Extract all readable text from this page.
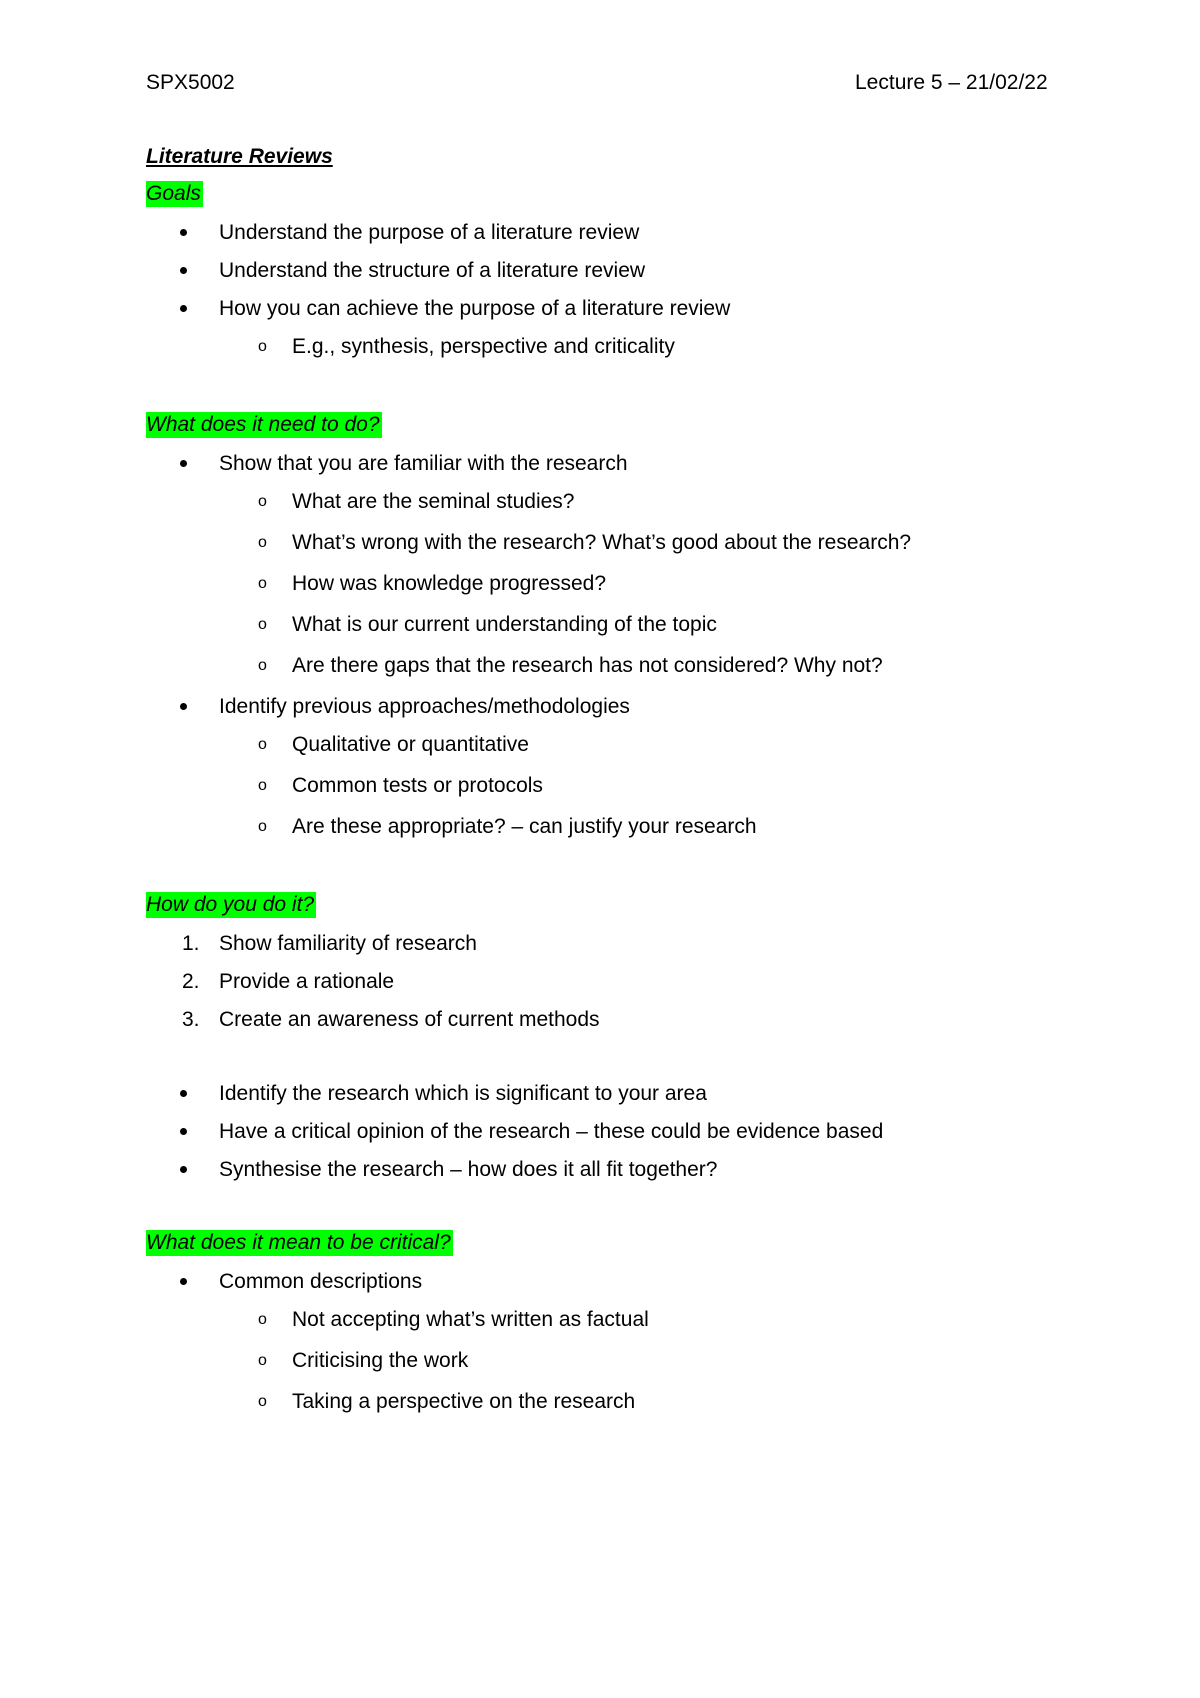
SPX5002	Lecture 5 – 21/02/22
Literature Reviews
Goals
Understand the purpose of a literature review
Understand the structure of a literature review
How you can achieve the purpose of a literature review
o E.g., synthesis, perspective and criticality
What does it need to do?
Show that you are familiar with the research
o What are the seminal studies?
o What’s wrong with the research? What’s good about the research?
o How was knowledge progressed?
o What is our current understanding of the topic
o Are there gaps that the research has not considered? Why not?
Identify previous approaches/methodologies
o Qualitative or quantitative
o Common tests or protocols
o Are these appropriate? – can justify your research
How do you do it?
1. Show familiarity of research
2. Provide a rationale
3. Create an awareness of current methods
Identify the research which is significant to your area
Have a critical opinion of the research – these could be evidence based
Synthesise the research – how does it all fit together?
What does it mean to be critical?
Common descriptions
o Not accepting what’s written as factual
o Criticising the work
o Taking a perspective on the research
